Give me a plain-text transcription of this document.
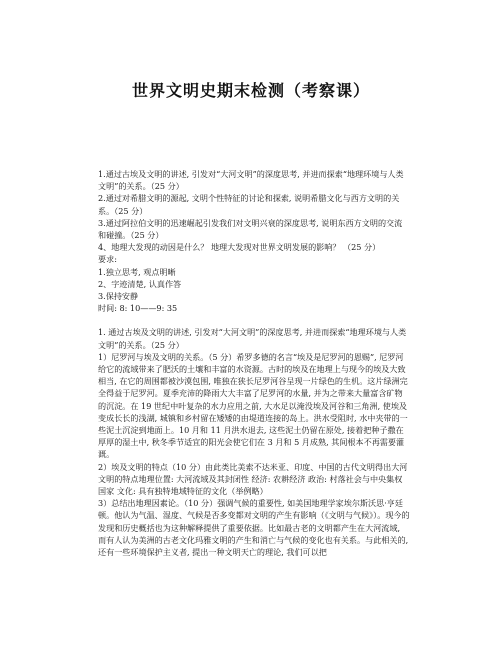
世界文明史期末检测（考察课）

1.通过古埃及文明的讲述, 引发对“大河文明”的深度思考, 并进而探索“地理环境与人类文明”的关系。（25 分）

2.通过对希腊文明的源起, 文明个性特征的讨论和探索, 说明希腊文化与西方文明的关系。（25 分）

3.通过阿拉伯文明的迅速崛起引发我们对文明兴衰的深度思考, 说明东西方文明的交流和碰撞。（25 分）

4、地理大发现的动因是什么？ 地理大发现对世界文明发展的影响？ （25 分）

要求:

1.独立思考, 观点明晰

2、字迹清楚, 认真作答

3.保持安静

时间: 8: 10——9: 35

1. 通过古埃及文明的讲述, 引发对“大河文明”的深度思考, 并进而探索“地理环境与人类文明”的关系。（25 分）

1）尼罗河与埃及文明的关系。（5 分）希罗多德的名言“埃及是尼罗河的恩赐”, 尼罗河给它的流域带来了肥沃的土壤和丰富的水资源。古时的埃及在地理上与现今的埃及大致相当, 在它的周围都被沙漠包围, 唯独在狭长尼罗河谷呈现一片绿色的生机。这片绿洲完全得益于尼罗河。夏季充沛的降雨大大丰富了尼罗河的水量, 并为之带来大量富含矿物的沉淀。在 19 世纪中叶复杂的水力应用之前, 大水足以淹没埃及河谷和三角洲, 使埃及变成长长的浅湖, 城镇和乡村留在矮矮的由堤道连接的岛上。洪水受阻时, 水中夹带的一些泥土沉淀到地面上。10 月和 11 月洪水退去, 这些泥土仍留在原处, 接着把种子撒在厚厚的湿土中, 秋冬季节适宜的阳光会使它们在 3 月和 5 月成熟, 其间根本不再需要灌溉。

2）埃及文明的特点（10 分）由此类比美索不达米亚、印度、中国的古代文明得出大河文明的特点地理位置: 大河流域及其封闭性 经济: 农耕经济 政治: 村落社会与中央集权国家 文化: 具有独特地域特征的文化（举例略）

3）总结出地理因素论。（10 分）强调气候的重要性, 如美国地理学家埃尔斯沃思·亨廷顿。他认为气温、湿度、气候是否多变都对文明的产生有影响（《文明与气候》）。现今的发现和历史概括也为这种解释提供了重要依据。比如最古老的文明都产生在大河流域, 而有人认为美洲的古老文化玛雅文明的产生和消亡与气候的变化也有关系。与此相关的, 还有一些环境保护主义者, 提出一种文明天亡的理论, 我们可以把
